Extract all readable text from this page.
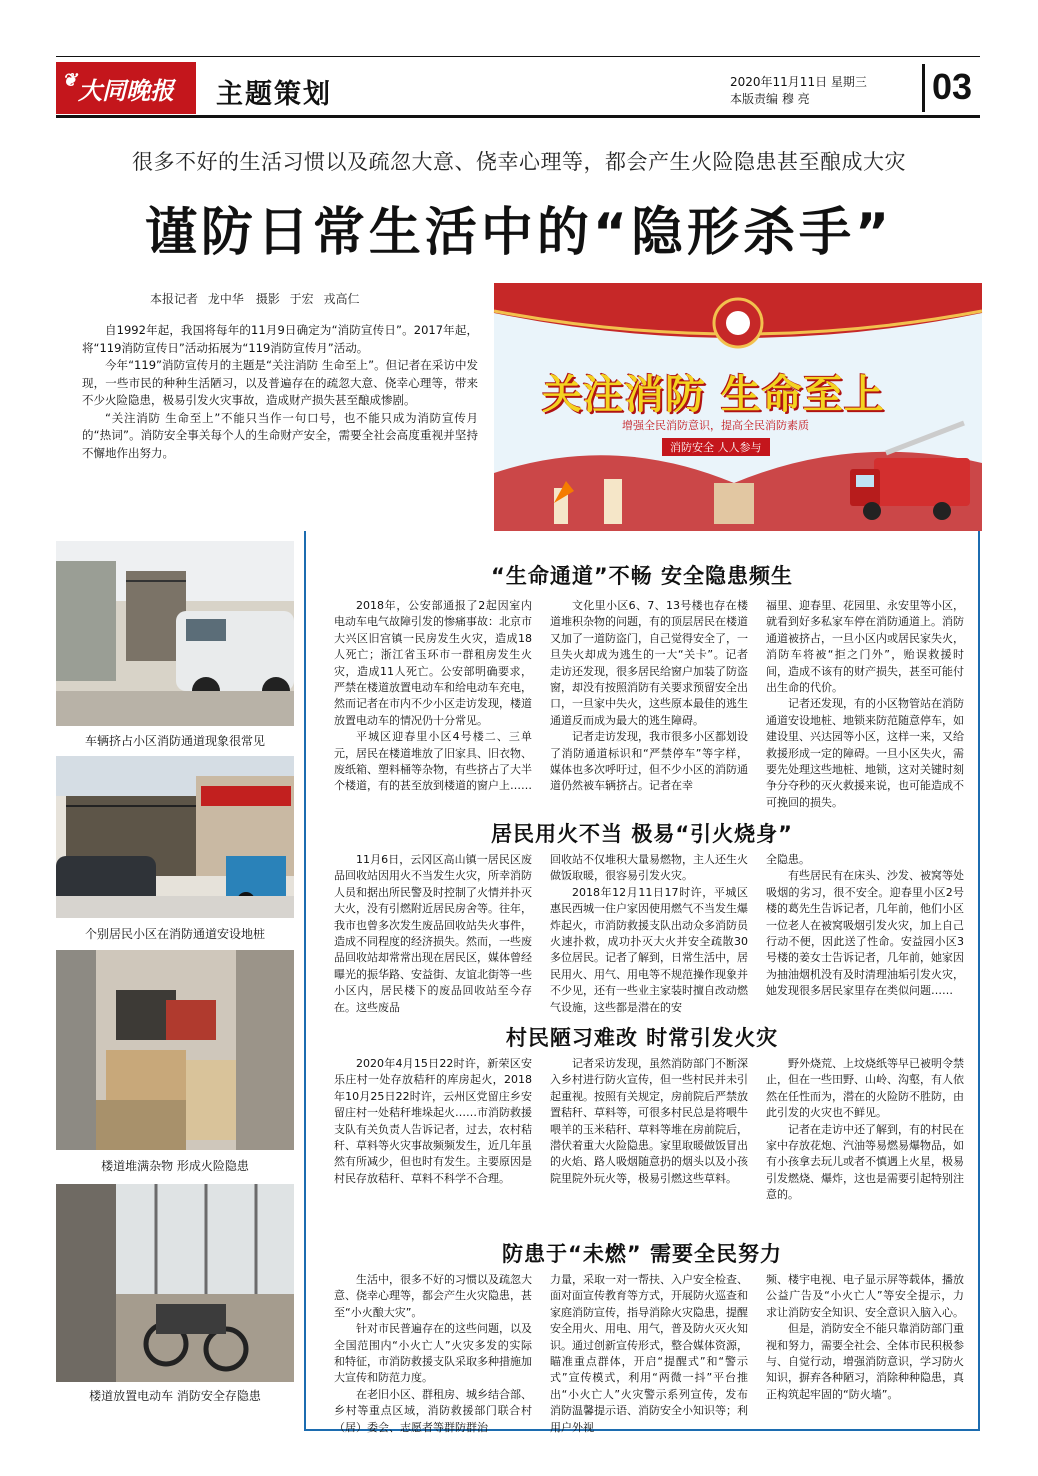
❦ 大同晚报 主题策划	2020年11月11日 星期三
本版责编 穆 亮	03
很多不好的生活习惯以及疏忽大意、侥幸心理等，都会产生火险隐患甚至酿成大灾
谨防日常生活中的“隐形杀手”
本报记者 龙中华　摄影 于宏 戎高仁

自1992年起，我国将每年的11月9日确定为“消防宣传日”。2017年起，将“119消防宣传日”活动拓展为“119消防宣传月”活动。

今年“119”消防宣传月的主题是“关注消防 生命至上”。但记者在采访中发现，一些市民的种种生活陋习，以及普遍存在的疏忽大意、侥幸心理等，带来不少火险隐患，极易引发火灾事故，造成财产损失甚至酿成惨剧。

“关注消防 生命至上”不能只当作一句口号，也不能只成为消防宣传月的“热词”。消防安全事关每个人的生命财产安全，需要全社会高度重视并坚持不懈地作出努力。

关注消防 生命至上
增强全民消防意识，提高全民消防素质
消防安全 人人参与
车辆挤占小区消防通道现象很常见
个别居民小区在消防通道安设地桩
楼道堆满杂物 形成火险隐患
楼道放置电动车 消防安全存隐患
“生命通道”不畅 安全隐患频生

2018年，公安部通报了2起因室内电动车电气故障引发的惨痛事故：北京市大兴区旧宫镇一民房发生火灾，造成18人死亡；浙江省玉环市一群租房发生火灾，造成11人死亡。公安部明确要求，严禁在楼道放置电动车和给电动车充电，然而记者在市内不少小区走访发现，楼道放置电动车的情况仍十分常见。

平城区迎春里小区4号楼二、三单元，居民在楼道堆放了旧家具、旧衣物、废纸箱、塑料桶等杂物，有些挤占了大半个楼道，有的甚至放到楼道的窗户上……

文化里小区6、7、13号楼也存在楼道堆积杂物的问题，有的顶层居民在楼道又加了一道防盗门，自己觉得安全了，一旦失火却成为逃生的一大“关卡”。记者走访还发现，很多居民给窗户加装了防盗窗，却没有按照消防有关要求预留安全出口，一旦家中失火，这些原本最佳的逃生通道反而成为最大的逃生障碍。

记者走访发现，我市很多小区都划设了消防通道标识和“严禁停车”等字样，媒体也多次呼吁过，但不少小区的消防通道仍然被车辆挤占。记者在幸

福里、迎春里、花园里、永安里等小区，就看到好多私家车停在消防通道上。消防通道被挤占，一旦小区内或居民家失火，消防车将被“拒之门外”，贻误救援时间，造成不该有的财产损失，甚至可能付出生命的代价。

记者还发现，有的小区物管站在消防通道安设地桩、地锁来防范随意停车，如建设里、兴达园等小区，这样一来，又给救援形成一定的障碍。一旦小区失火，需要先处理这些地桩、地锁，这对关键时刻争分夺秒的灭火救援来说，也可能造成不可挽回的损失。

居民用火不当 极易“引火烧身”

11月6日，云冈区高山镇一居民区废品回收站因用火不当发生火灾，所幸消防人员和据出所民警及时控制了火情并扑灭大火，没有引燃附近居民房舍等。往年，我市也曾多次发生废品回收站失火事件，造成不同程度的经济损失。然而，一些废品回收站却常常出现在居民区，媒体曾经曝光的振华路、安益街、友谊北街等一些小区内，居民楼下的废品回收站至今存在。这些废品

回收站不仅堆积大量易燃物，主人还生火做饭取暖，很容易引发火灾。

2018年12月11日17时许，平城区惠民西城一住户家因使用燃气不当发生爆炸起火，市消防救援支队出动众多消防员火速扑救，成功扑灭大火并安全疏散30多位居民。记者了解到，日常生活中，居民用火、用气、用电等不规范操作现象并不少见，还有一些业主家装时擅自改动燃气设施，这些都是潜在的安

全隐患。

有些居民有在床头、沙发、被窝等处吸烟的劣习，很不安全。迎春里小区2号楼的葛先生告诉记者，几年前，他们小区一位老人在被窝吸烟引发火灾，加上自己行动不便，因此送了性命。安益园小区3号楼的姜女士告诉记者，几年前，她家因为抽油烟机没有及时清理油垢引发火灾，她发现很多居民家里存在类似问题……

村民陋习难改 时常引发火灾

2020年4月15日22时许，新荣区安乐庄村一处存放秸秆的库房起火，2018年10月25日22时许，云州区党留庄乡安留庄村一处秸秆堆垛起火……市消防救援支队有关负责人告诉记者，过去，农村秸秆、草料等火灾事故频频发生，近几年虽然有所减少，但也时有发生。主要原因是村民存放秸秆、草料不科学不合理。

记者采访发现，虽然消防部门不断深入乡村进行防火宣传，但一些村民并未引起重视。按照有关规定，房前院后严禁放置秸秆、草料等，可很多村民总是将喂牛喂羊的玉米秸秆、草料等堆在房前院后，潜伏着重大火险隐患。家里取暖做饭冒出的火焰、路人吸烟随意扔的烟头以及小孩院里院外玩火等，极易引燃这些草料。

野外烧荒、上坟烧纸等早已被明令禁止，但在一些田野、山岭、沟壑，有人依然在任性而为，潜在的火险防不胜防，由此引发的火灾也不鲜见。

记者在走访中还了解到，有的村民在家中存放花炮、汽油等易燃易爆物品，如有小孩拿去玩儿或者不慎遇上火星，极易引发燃烧、爆炸，这也是需要引起特别注意的。

防患于“未燃” 需要全民努力

生活中，很多不好的习惯以及疏忽大意、侥幸心理等，都会产生火灾隐患，甚至“小火酿大灾”。

针对市民普遍存在的这些问题，以及全国范围内“小火亡人”火灾多发的实际和特征，市消防救援支队采取多种措施加大宣传和防范力度。

在老旧小区、群租房、城乡结合部、乡村等重点区域，消防救援部门联合村（居）委会、志愿者等群防群治

力量，采取一对一帮扶、入户安全检查、面对面宣传教育等方式，开展防火巡查和家庭消防宣传，指导消除火灾隐患，提醒安全用火、用电、用气，普及防火灭火知识。通过创新宣传形式，整合媒体资源，瞄准重点群体，开启“提醒式”和“警示式”宣传模式，利用“两微一抖”平台推出“小火亡人”火灾警示系列宣传，发布消防温馨提示语、消防安全小知识等；利用户外视

频、楼宇电视、电子显示屏等载体，播放公益广告及“小火亡人”等安全提示，力求让消防安全知识、安全意识入脑入心。

但是，消防安全不能只靠消防部门重视和努力，需要全社会、全体市民积极参与、自觉行动，增强消防意识，学习防火知识，摒弃各种陋习，消除种种隐患，真正构筑起牢固的“防火墙”。
